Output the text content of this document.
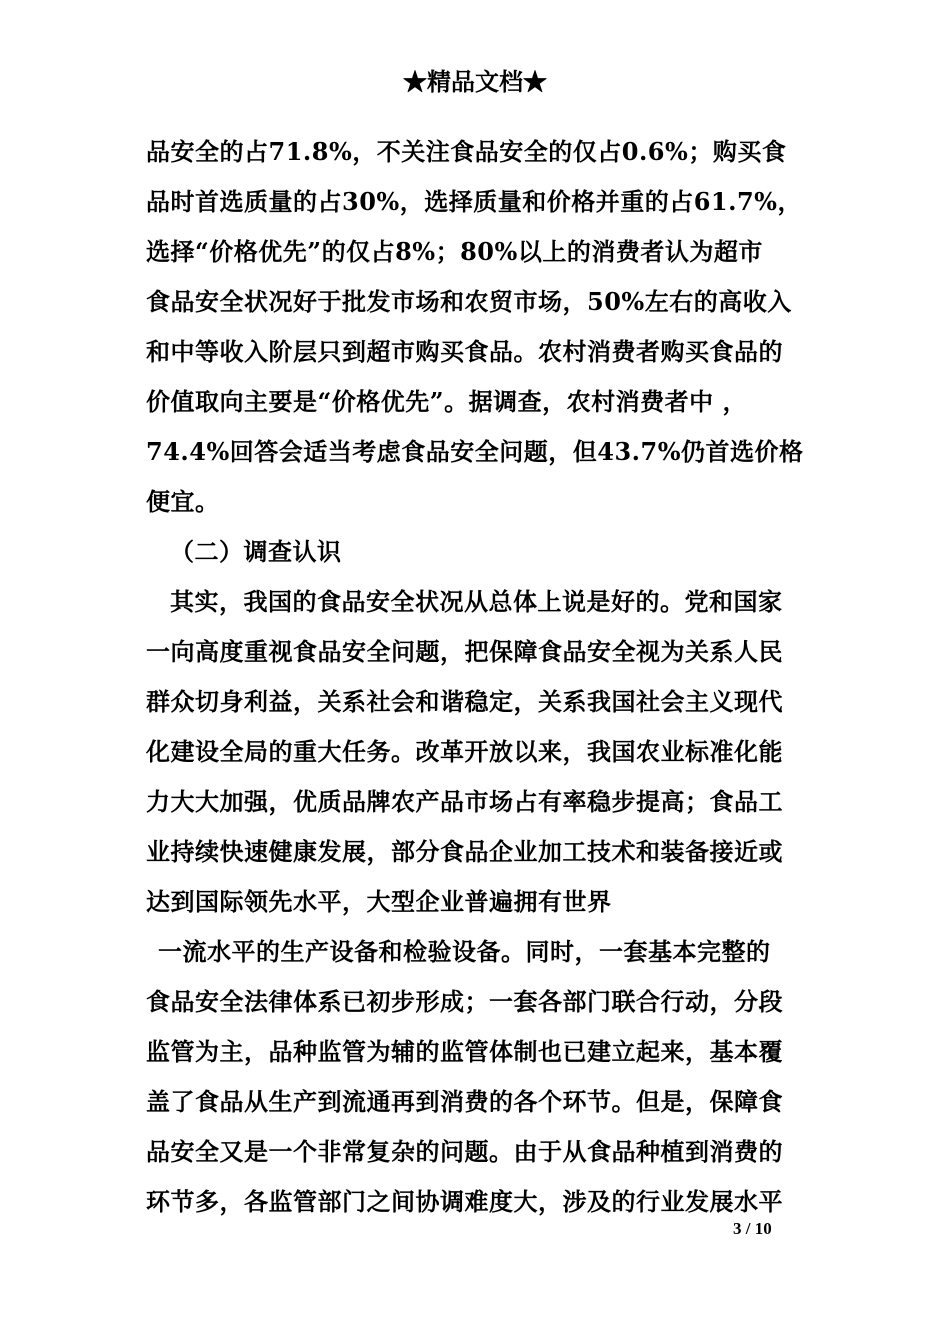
★精品文档★
品安全的占71.8%，不关注食品安全的仅占0.6%；购买食
品时首选质量的占30%，选择质量和价格并重的占61.7%，
选择“价格优先”的仅占8%；80%以上的消费者认为超市
食品安全状况好于批发市场和农贸市场，50%左右的高收入
和中等收入阶层只到超市购买食品。农村消费者购买食品的
价值取向主要是“价格优先”。据调查，农村消费者中 ，
74.4%回答会适当考虑食品安全问题，但43.7%仍首选价格
便宜。
（二）调查认识
其实，我国的食品安全状况从总体上说是好的。党和国家
一向高度重视食品安全问题，把保障食品安全视为关系人民
群众切身利益，关系社会和谐稳定，关系我国社会主义现代
化建设全局的重大任务。改革开放以来，我国农业标准化能
力大大加强，优质品牌农产品市场占有率稳步提高；食品工
业持续快速健康发展，部分食品企业加工技术和装备接近或
达到国际领先水平，大型企业普遍拥有世界
一流水平的生产设备和检验设备。同时，一套基本完整的
食品安全法律体系已初步形成；一套各部门联合行动，分段
监管为主，品种监管为辅的监管体制也已建立起来，基本覆
盖了食品从生产到流通再到消费的各个环节。但是，保障食
品安全又是一个非常复杂的问题。由于从食品种植到消费的
环节多，各监管部门之间协调难度大，涉及的行业发展水平
3 / 10
